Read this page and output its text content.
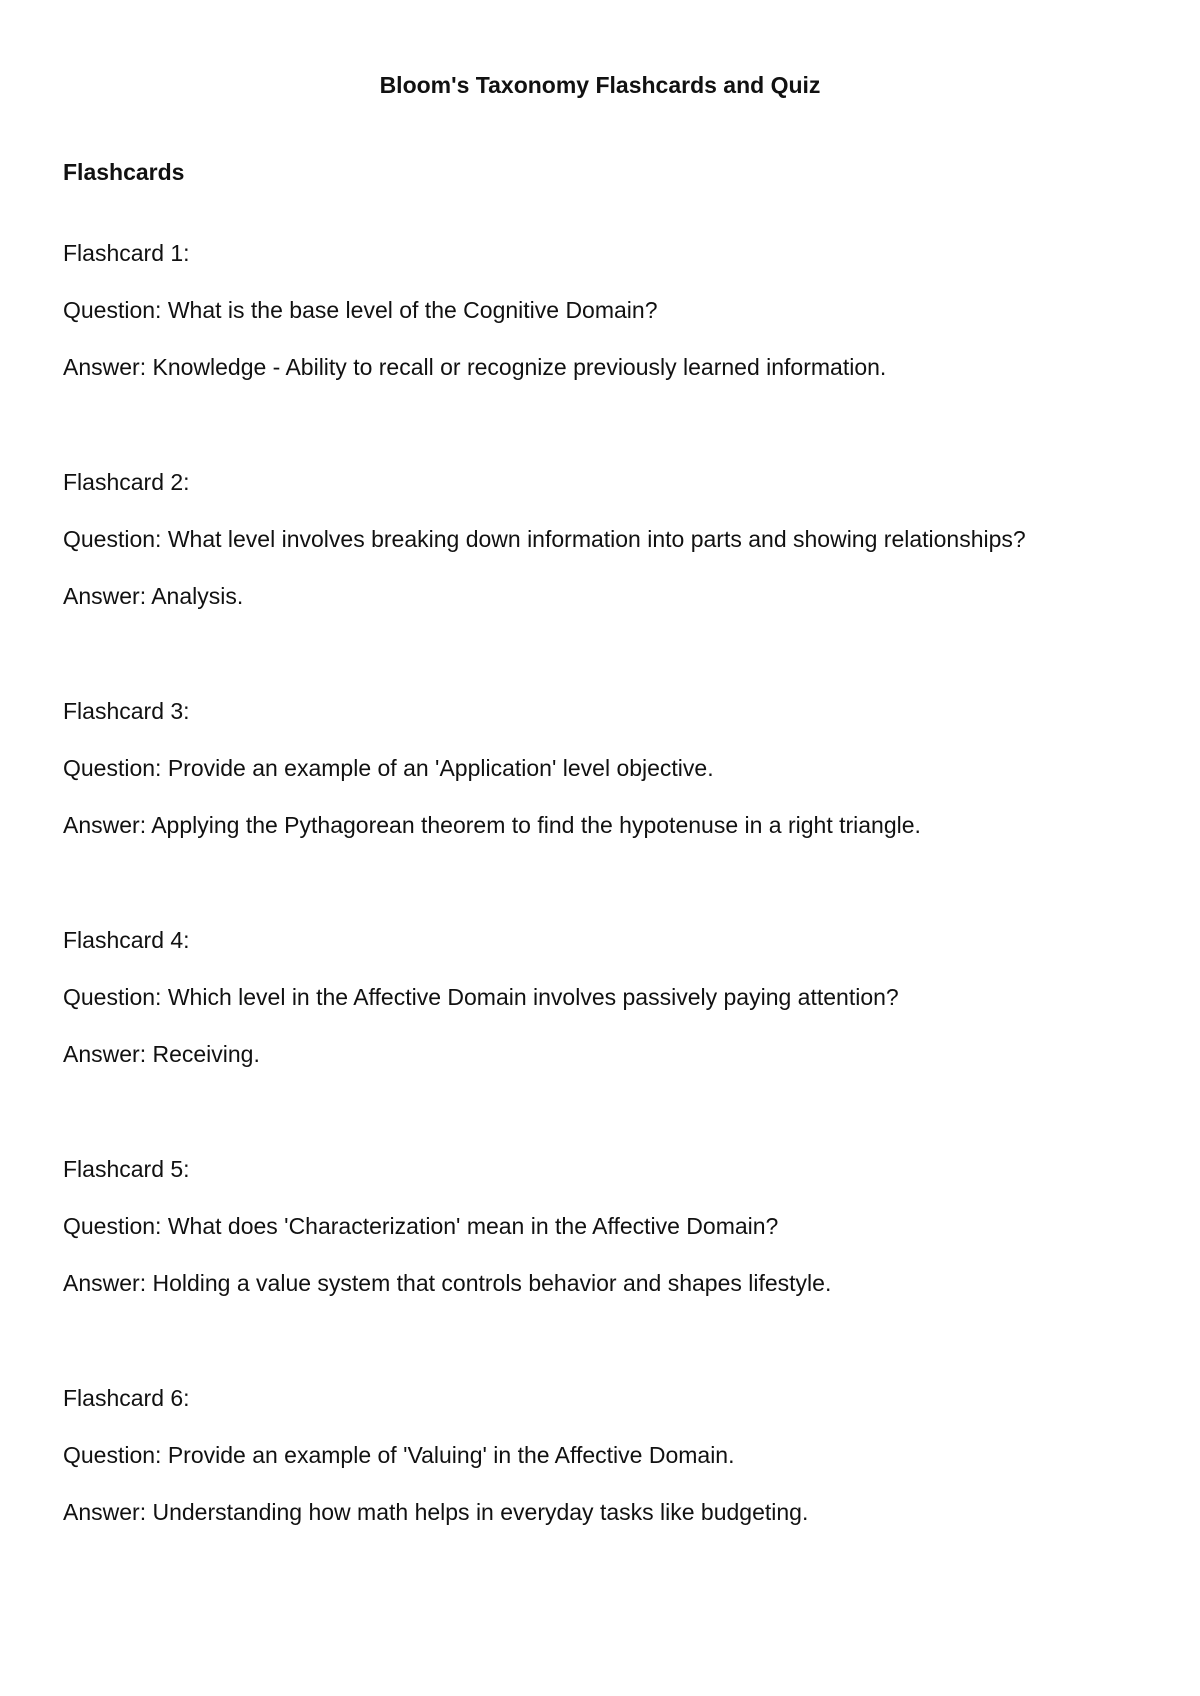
Bloom's Taxonomy Flashcards and Quiz
Flashcards

Flashcard 1:

Question: What is the base level of the Cognitive Domain?

Answer: Knowledge - Ability to recall or recognize previously learned information.

Flashcard 2:

Question: What level involves breaking down information into parts and showing relationships?

Answer: Analysis.

Flashcard 3:

Question: Provide an example of an 'Application' level objective.

Answer: Applying the Pythagorean theorem to find the hypotenuse in a right triangle.

Flashcard 4:

Question: Which level in the Affective Domain involves passively paying attention?

Answer: Receiving.

Flashcard 5:

Question: What does 'Characterization' mean in the Affective Domain?

Answer: Holding a value system that controls behavior and shapes lifestyle.

Flashcard 6:

Question: Provide an example of 'Valuing' in the Affective Domain.

Answer: Understanding how math helps in everyday tasks like budgeting.
